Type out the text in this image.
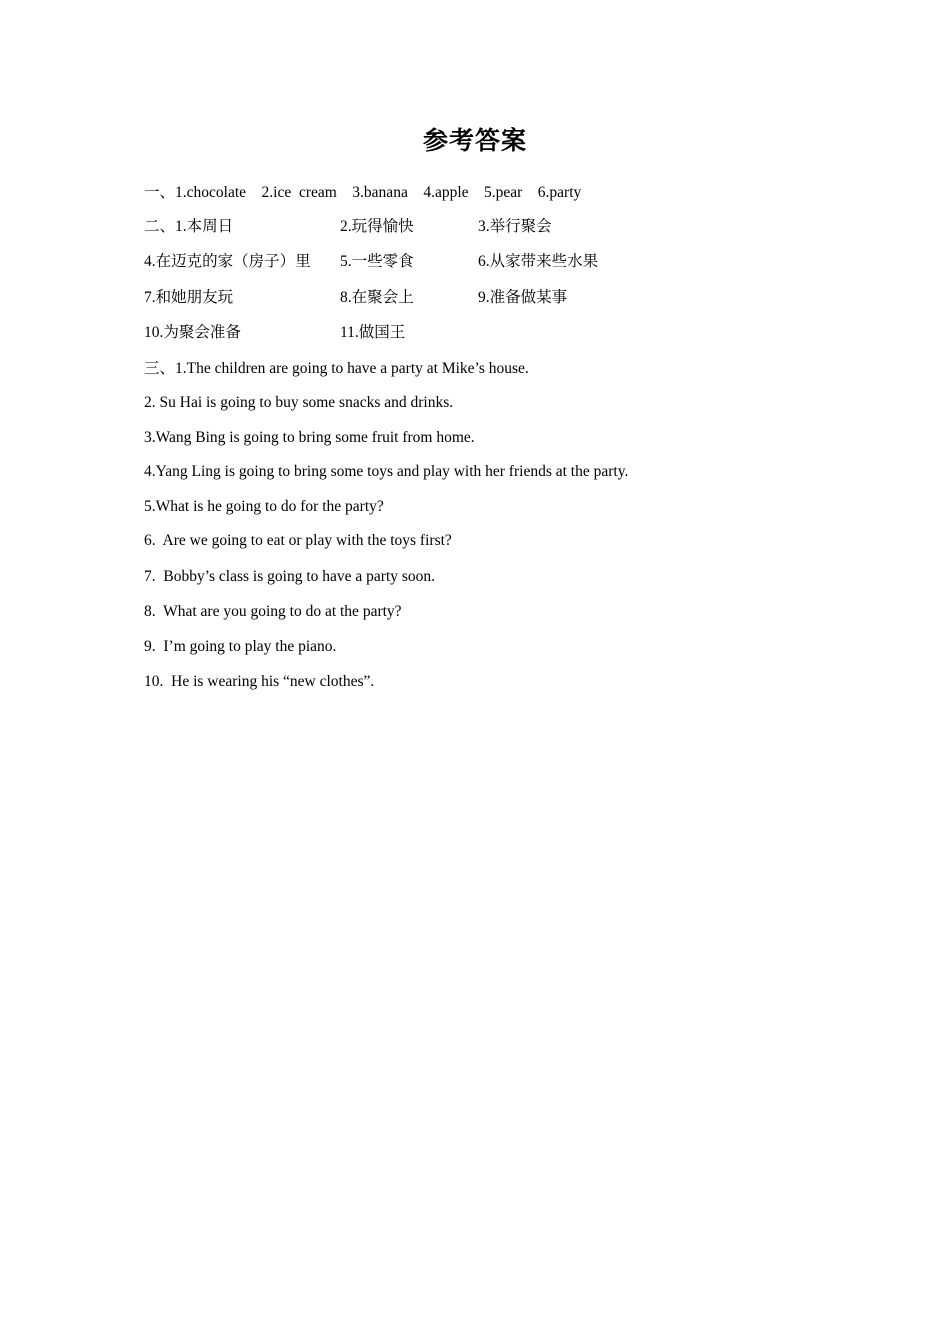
参考答案
一、1.chocolate    2.ice  cream    3.banana    4.apple    5.pear    6.party
二、1.本周日	2.玩得愉快	3.举行聚会
4.在迈克的家（房子）里 5.一些零食	6.从家带来些水果
7.和她朋友玩	8.在聚会上	9.准备做某事
10.为聚会准备	11.做国王
三、1.The children are going to have a party at Mike’s house.
2. Su Hai is going to buy some snacks and drinks.
3.Wang Bing is going to bring some fruit from home.
4.Yang Ling is going to bring some toys and play with her friends at the party.
5.What is he going to do for the party?
6.  Are we going to eat or play with the toys first?
7.  Bobby’s class is going to have a party soon.
8.  What are you going to do at the party?
9.  I’m going to play the piano.
10.  He is wearing his “new clothes”.
